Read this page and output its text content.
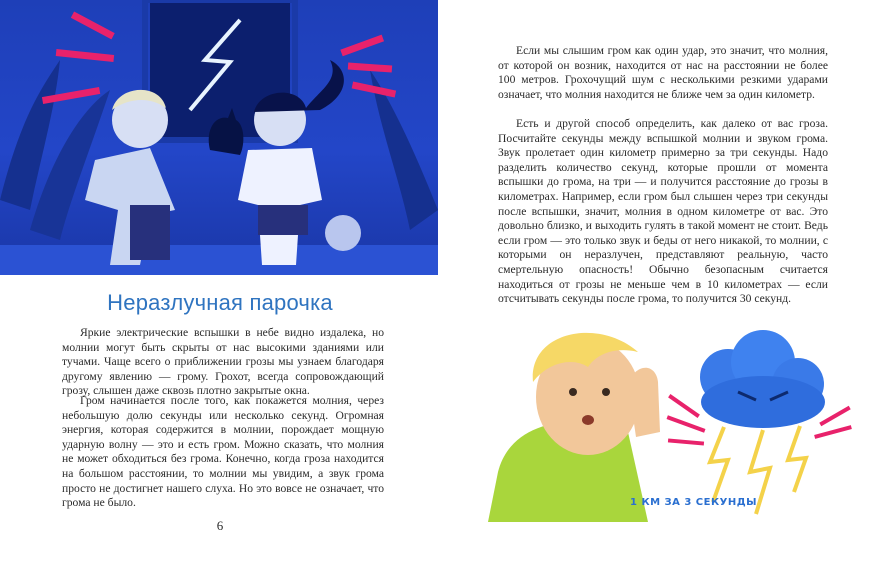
Неразлучная парочка
Яркие электрические вспышки в небе видно издалека, но молнии могут быть скрыты от нас высокими зданиями или тучами. Чаще всего о приближении грозы мы узнаем благодаря другому явлению — грому. Грохот, всегда сопровождающий грозу, слышен даже сквозь плотно закрытые окна.
Гром начинается после того, как покажется молния, через небольшую долю секунды или несколько секунд. Огромная энергия, которая содержится в молнии, порождает мощную ударную волну — это и есть гром. Можно сказать, что молния не может обходиться без грома. Конечно, когда гроза находится на большом расстоянии, то молнии мы увидим, а звук грома просто не достигнет нашего слуха. Но это вовсе не означает, что грома не было.
6
Если мы слышим гром как один удар, это значит, что молния, от которой он возник, находится от нас на расстоянии не более 100 метров. Грохочущий шум с несколькими резкими ударами означает, что молния находится не ближе чем за один километр.
Есть и другой способ определить, как далеко от вас гроза. Посчитайте секунды между вспышкой молнии и звуком грома. Звук пролетает один километр примерно за три секунды. Надо разделить количество секунд, которые прошли от момента вспышки до грома, на три — и получится расстояние до грозы в километрах. Например, если гром был слышен через три секунды после вспышки, значит, молния в одном километре от вас. Это довольно близко, и выходить гулять в такой момент не стоит. Ведь если гром — это только звук и беды от него никакой, то молнии, с которыми он неразлучен, представляют реальную, часто смертельную опасность! Обычно безопасным считается находиться от грозы не меньше чем в 10 километрах — если отсчитывать секунды после грома, то получится 30 секунд.
1 КМ ЗА 3 СЕКУНДЫ
